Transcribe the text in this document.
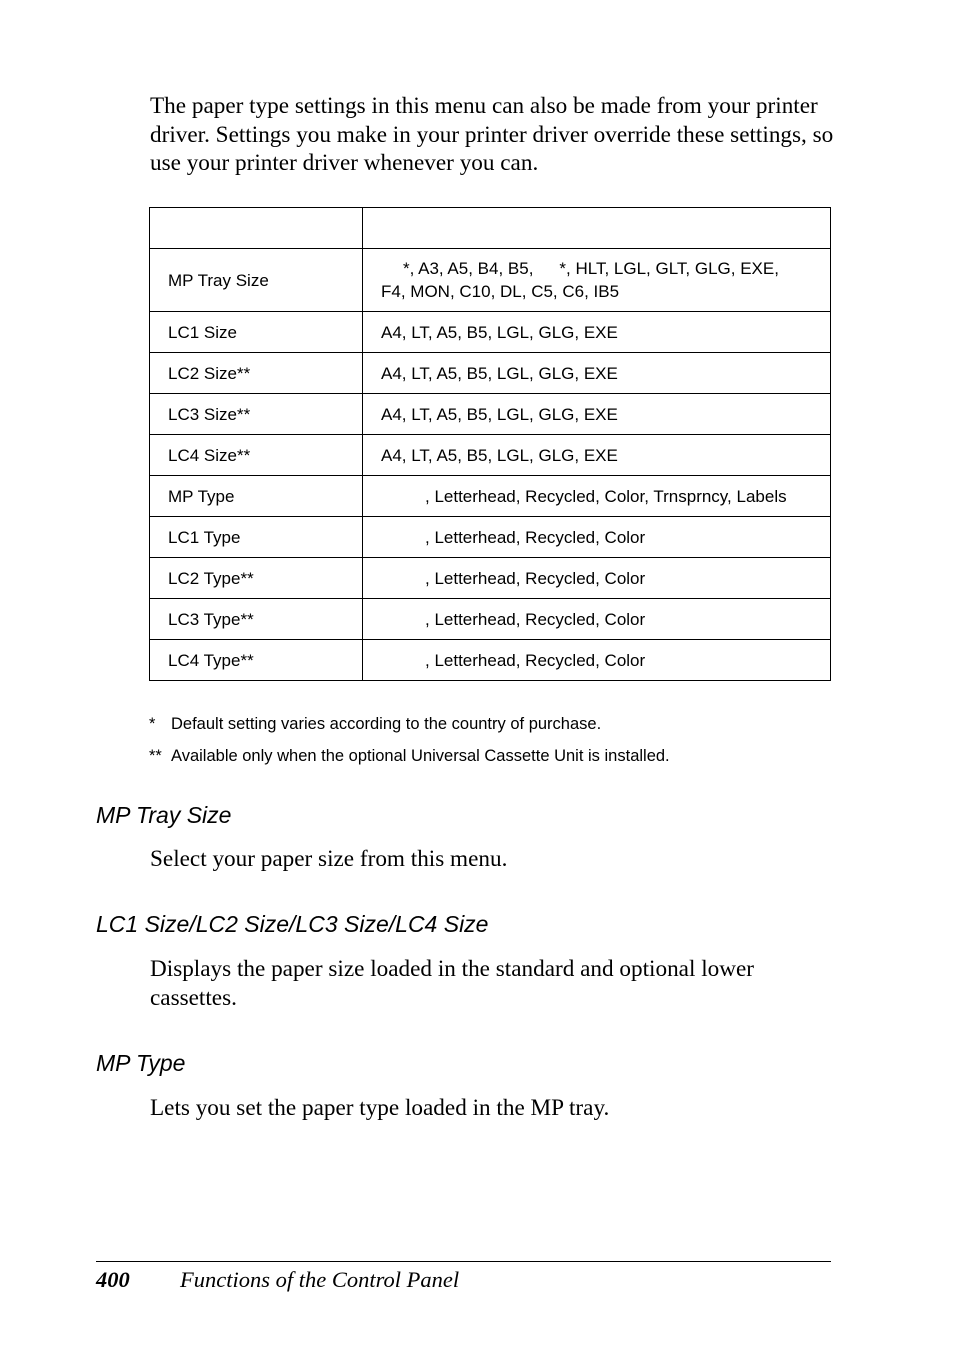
The paper type settings in this menu can also be made from your printer driver. Settings you make in your printer driver override these settings, so use your printer driver whenever you can.

MP Tray Size	*, A3, A5, B4, B5, *, HLT, LGL, GLT, GLG, EXE,
F4, MON, C10, DL, C5, C6, IB5
LC1 Size	A4, LT, A5, B5, LGL, GLG, EXE
LC2 Size**	A4, LT, A5, B5, LGL, GLG, EXE
LC3 Size**	A4, LT, A5, B5, LGL, GLG, EXE
LC4 Size**	A4, LT, A5, B5, LGL, GLG, EXE
MP Type	, Letterhead, Recycled, Color, Trnsprncy, Labels
LC1 Type	, Letterhead, Recycled, Color
LC2 Type**	, Letterhead, Recycled, Color
LC3 Type**	, Letterhead, Recycled, Color
LC4 Type**	, Letterhead, Recycled, Color
* Default setting varies according to the country of purchase.
** Available only when the optional Universal Cassette Unit is installed.
MP Tray Size

Select your paper size from this menu.

LC1 Size/LC2 Size/LC3 Size/LC4 Size

Displays the paper size loaded in the standard and optional lower cassettes.

MP Type

Lets you set the paper type loaded in the MP tray.

400 Functions of the Control Panel
